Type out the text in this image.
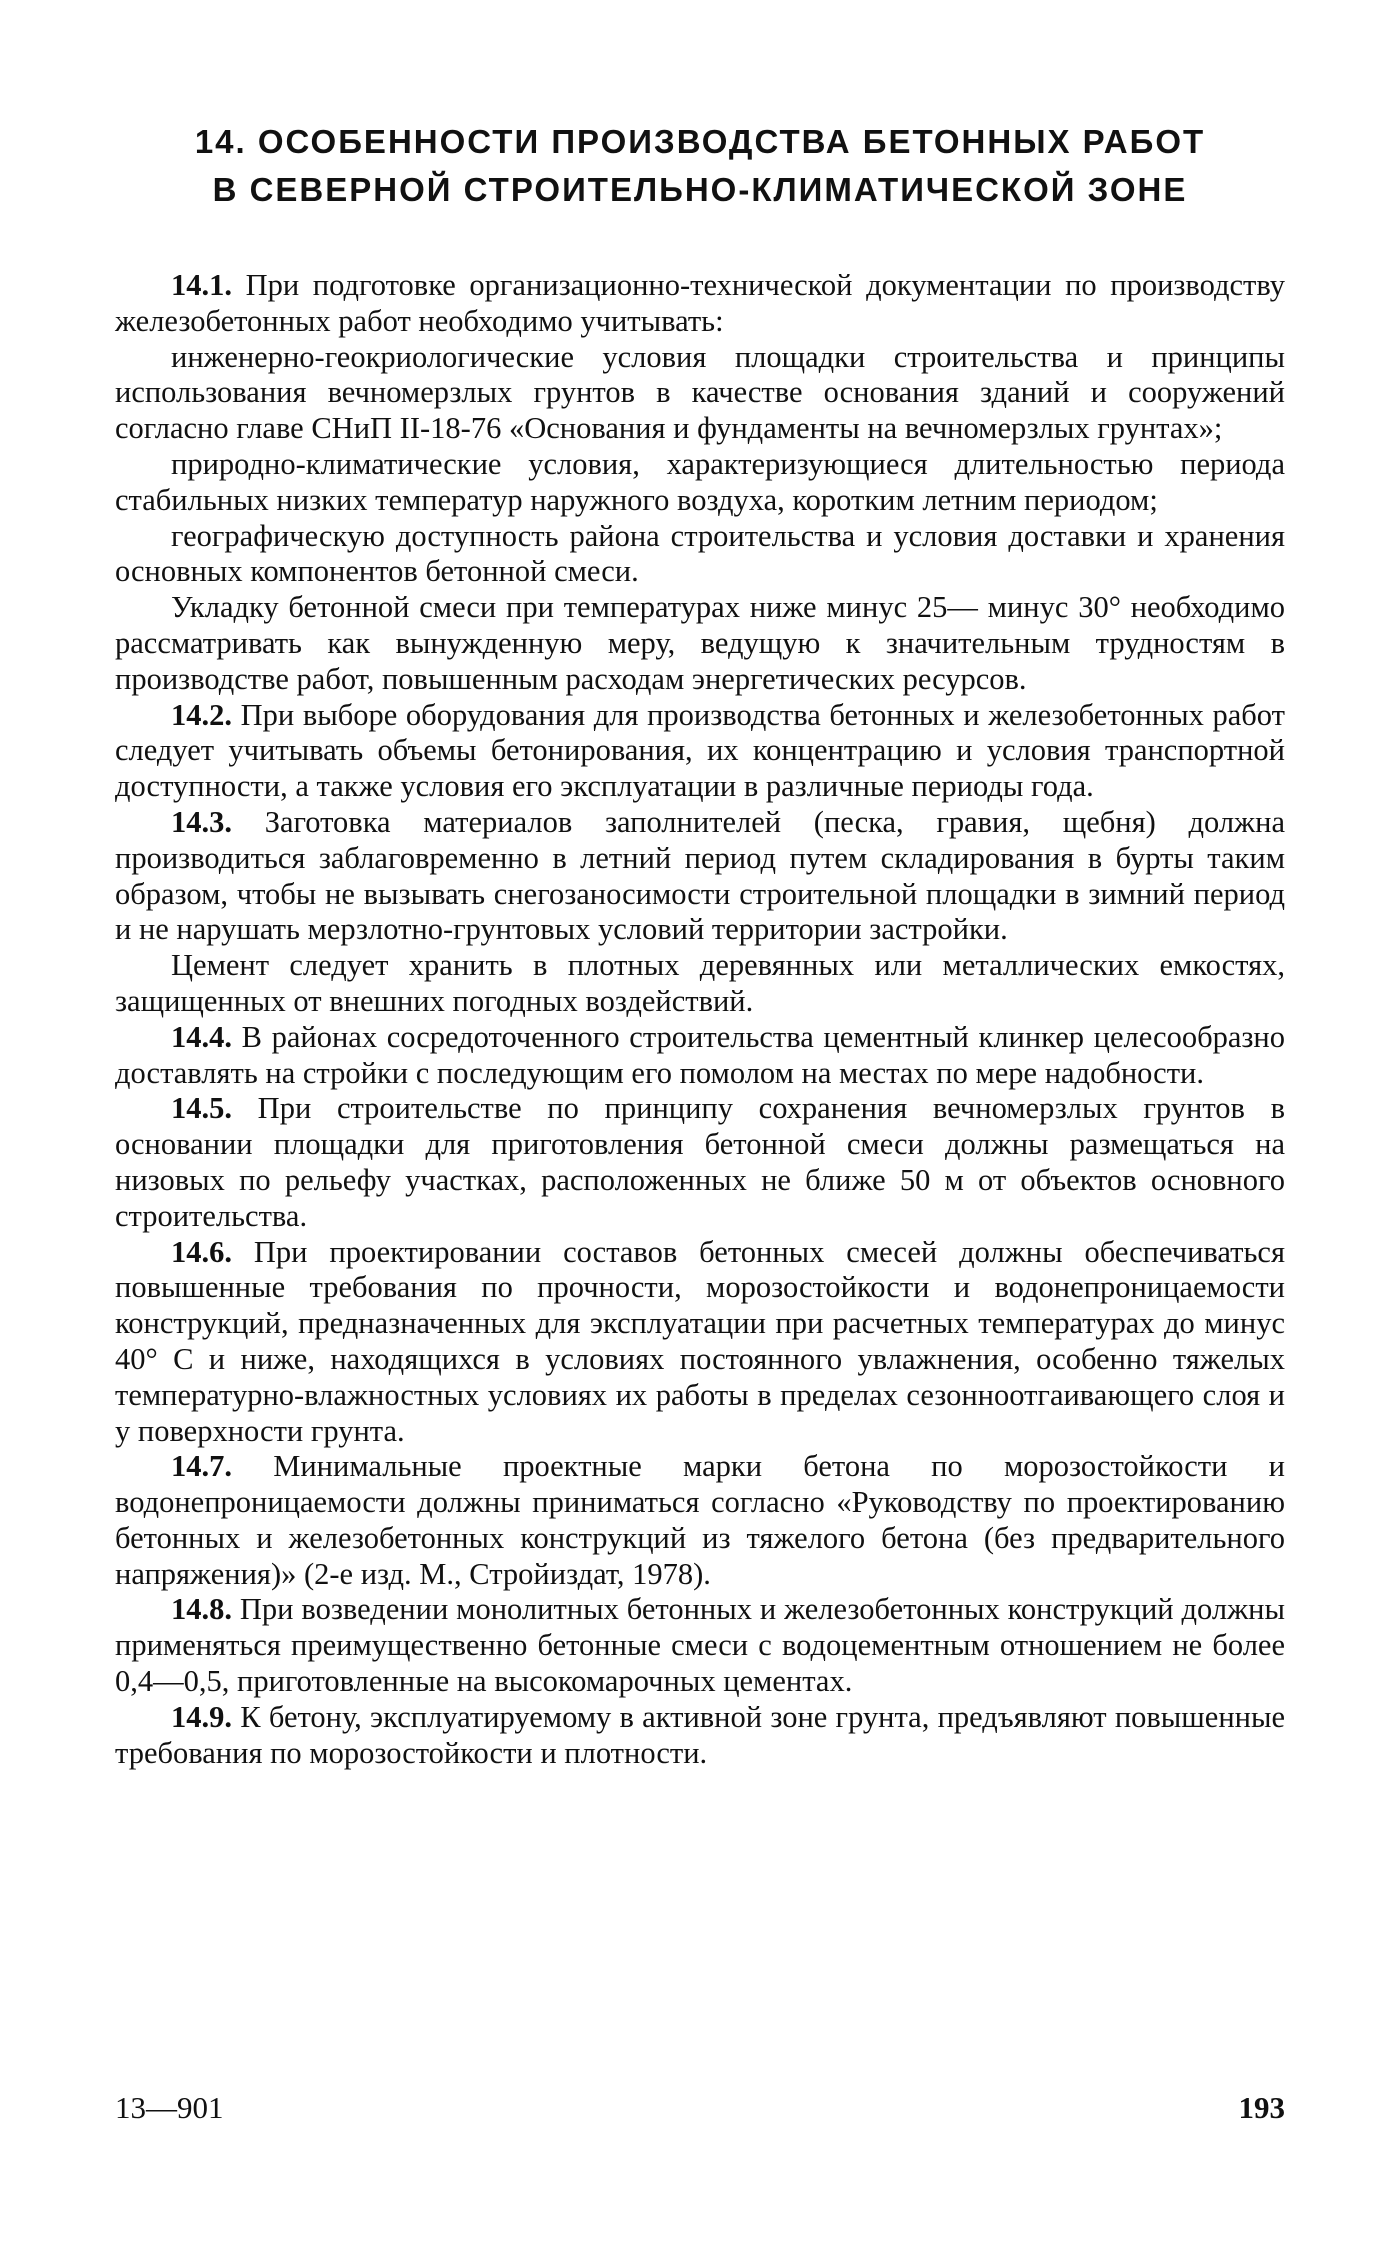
14. ОСОБЕННОСТИ ПРОИЗВОДСТВА БЕТОННЫХ РАБОТ
В СЕВЕРНОЙ СТРОИТЕЛЬНО-КЛИМАТИЧЕСКОЙ ЗОНЕ

14.1. При подготовке организационно-технической документации по производству железобетонных работ необходимо учитывать:

инженерно-геокриологические условия площадки строительства и принципы использования вечномерзлых грунтов в качестве основания зданий и сооружений согласно главе СНиП II-18-76 «Основания и фундаменты на вечномерзлых грунтах»;

природно-климатические условия, характеризующиеся длительностью периода стабильных низких температур наружного воздуха, коротким летним периодом;

географическую доступность района строительства и условия доставки и хранения основных компонентов бетонной смеси.

Укладку бетонной смеси при температурах ниже минус 25— минус 30° необходимо рассматривать как вынужденную меру, ведущую к значительным трудностям в производстве работ, повышенным расходам энергетических ресурсов.

14.2. При выборе оборудования для производства бетонных и железобетонных работ следует учитывать объемы бетонирования, их концентрацию и условия транспортной доступности, а также условия его эксплуатации в различные периоды года.

14.3. Заготовка материалов заполнителей (песка, гравия, щебня) должна производиться заблаговременно в летний период путем складирования в бурты таким образом, чтобы не вызывать снегозаносимости строительной площадки в зимний период и не нарушать мерзлотно-грунтовых условий территории застройки.

Цемент следует хранить в плотных деревянных или металлических емкостях, защищенных от внешних погодных воздействий.

14.4. В районах сосредоточенного строительства цементный клинкер целесообразно доставлять на стройки с последующим его помолом на местах по мере надобности.

14.5. При строительстве по принципу сохранения вечномерзлых грунтов в основании площадки для приготовления бетонной смеси должны размещаться на низовых по рельефу участках, расположенных не ближе 50 м от объектов основного строительства.

14.6. При проектировании составов бетонных смесей должны обеспечиваться повышенные требования по прочности, морозостойкости и водонепроницаемости конструкций, предназначенных для эксплуатации при расчетных температурах до минус 40° С и ниже, находящихся в условиях постоянного увлажнения, особенно тяжелых температурно-влажностных условиях их работы в пределах сезонноотгаивающего слоя и у поверхности грунта.

14.7. Минимальные проектные марки бетона по морозостойкости и водонепроницаемости должны приниматься согласно «Руководству по проектированию бетонных и железобетонных конструкций из тяжелого бетона (без предварительного напряжения)» (2-е изд. М., Стройиздат, 1978).

14.8. При возведении монолитных бетонных и железобетонных конструкций должны применяться преимущественно бетонные смеси с водоцементным отношением не более 0,4—0,5, приготовленные на высокомарочных цементах.

14.9. К бетону, эксплуатируемому в активной зоне грунта, предъявляют повышенные требования по морозостойкости и плотности.

13—901	193
